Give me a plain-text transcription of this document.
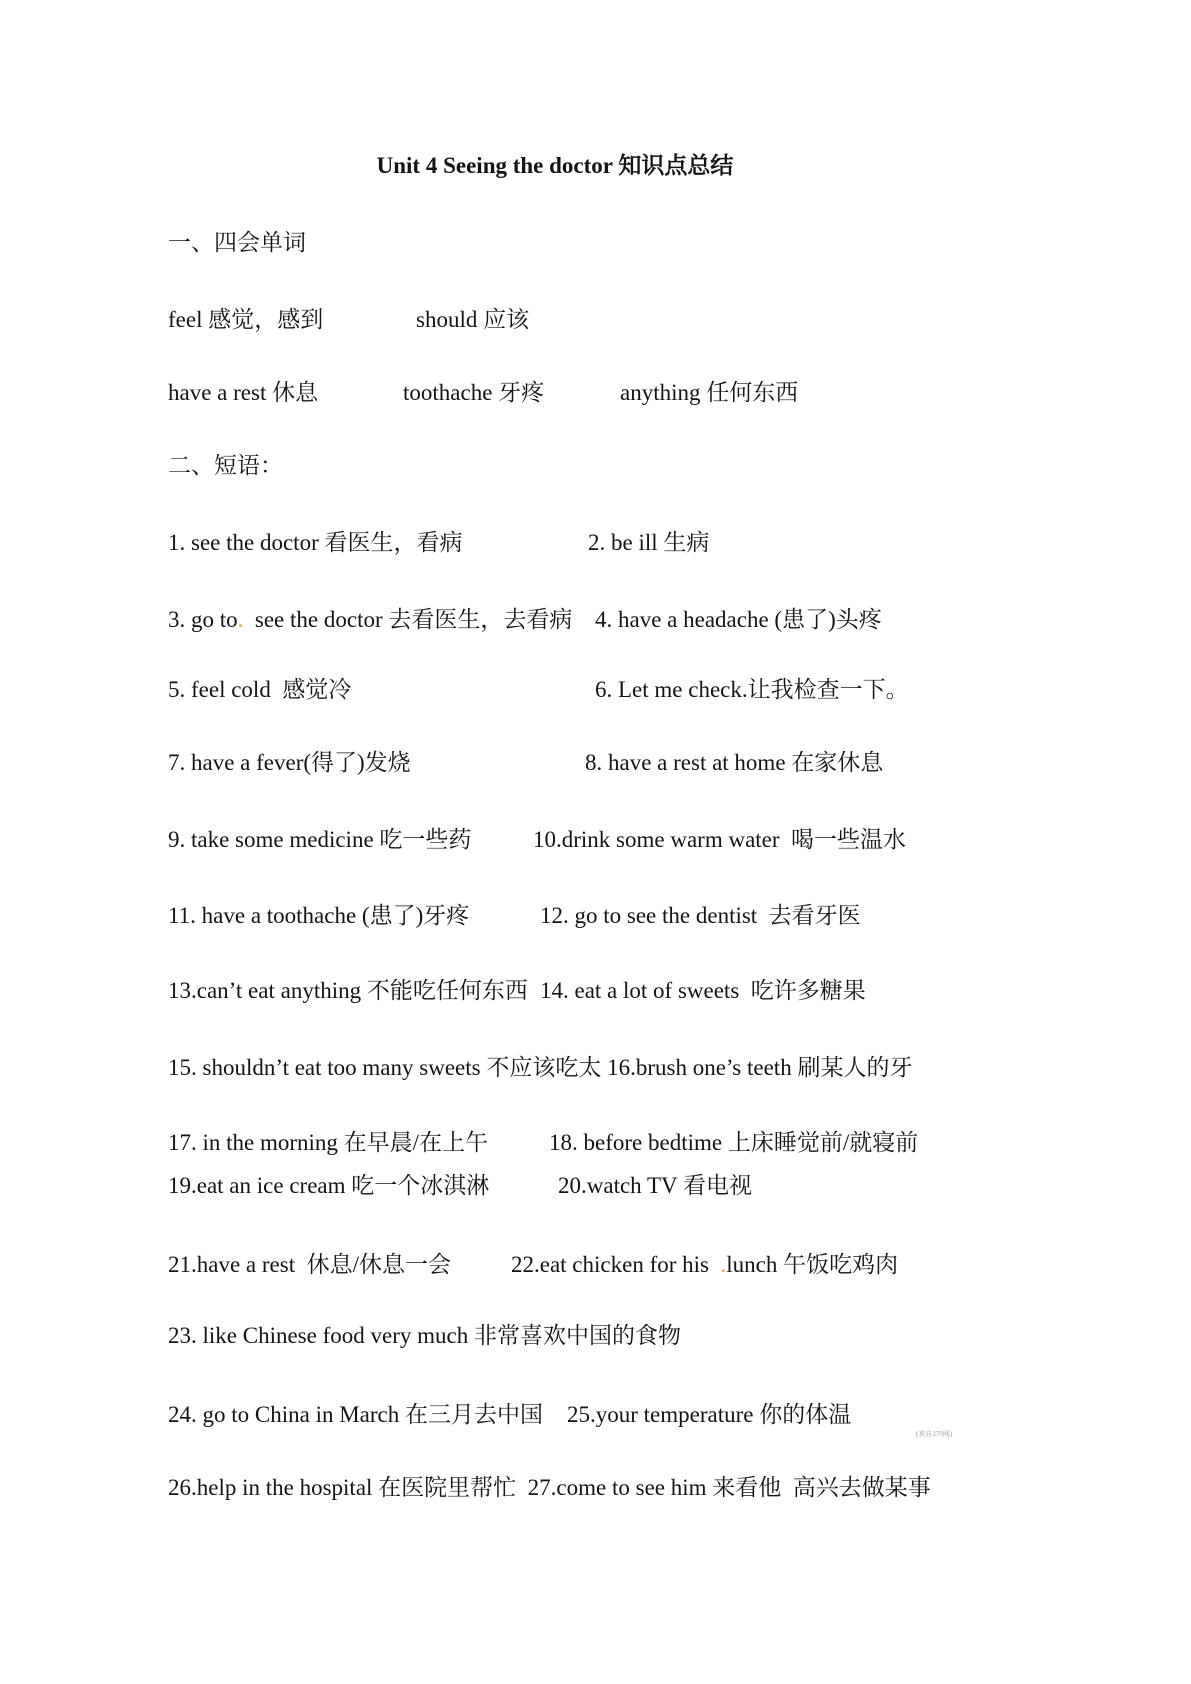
Unit 4 Seeing the doctor 知识点总结
一、四会单词
feel 感觉，感到	should 应该
have a rest 休息	toothache 牙疼	anything 任何东西
二、短语：
1. see the doctor 看医生，看病	2. be ill 生病
3. go to.  see the doctor 去看医生，去看病 4. have a headache (患了)头疼
5. feel cold  感觉冷	6. Let me check.让我检查一下。
7. have a fever(得了)发烧	8. have a rest at home 在家休息
9. take some medicine 吃一些药	10.drink some warm water  喝一些温水
11. have a toothache (患了)牙疼	12. go to see the dentist  去看牙医
13.can’t eat anything 不能吃任何东西 14. eat a lot of sweets  吃许多糖果
15. shouldn’t eat too many sweets 不应该吃太 16.brush one’s teeth 刷某人的牙
17. in the morning 在早晨/在上午	18. before bedtime 上床睡觉前/就寝前
19.eat an ice cream 吃一个冰淇淋	20.watch TV 看电视
21.have a rest  休息/休息一会	22.eat chicken for his  .lunch 午饭吃鸡肉
23. like Chinese food very much 非常喜欢中国的食物
24. go to China in March 在三月去中国 25.your temperature 你的体温
(来自270网)
26.help in the hospital 在医院里帮忙  27.come to see him 来看他  高兴去做某事
